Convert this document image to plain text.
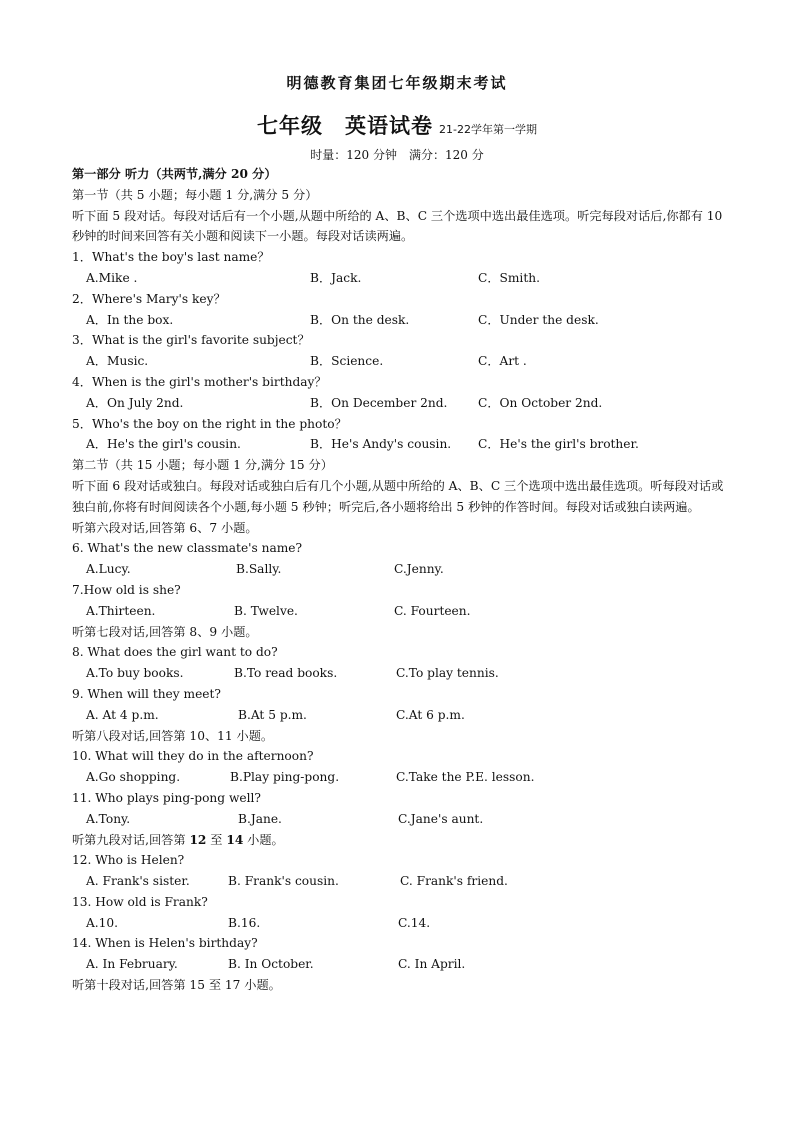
明德教育集团七年级期末考试
七年级 英语试卷 21-22学年第一学期
时量：120 分钟 满分：120 分
第一部分 听力（共两节,满分 20 分）
第一节（共 5 小题；每小题 1 分,满分 5 分）
听下面 5 段对话。每段对话后有一个小题,从题中所给的 A、B、C 三个选项中选出最佳选项。听完每段对话后,你都有 10 秒钟的时间来回答有关小题和阅读下一小题。每段对话读两遍。
1．What's the boy's last name？
A.Mike .	B．Jack.	C．Smith.
2．Where's Mary's key？
A．In the box.	B．On the desk.	C．Under the desk.
3．What is the girl's favorite subject？
A．Music.	B．Science.	C．Art .
4．When is the girl's mother's birthday？
A．On July 2nd.	B．On December 2nd.	C．On October 2nd.
5．Who's the boy on the right in the photo？
A．He's the girl's cousin.	B．He's Andy's cousin. C．He's the girl's brother.
第二节（共 15 小题；每小题 1 分,满分 15 分）
听下面 6 段对话或独白。每段对话或独白后有几个小题,从题中所给的 A、B、C 三个选项中选出最佳选项。听每段对话或独白前,你将有时间阅读各个小题,每小题 5 秒钟；听完后,各小题将给出 5 秒钟的作答时间。每段对话或独白读两遍。
听第六段对话,回答第 6、7 小题。
6. What's the new classmate's name?
A.Lucy.	B.Sally.	C.Jenny.
7.How old is she?
A.Thirteen.	B. Twelve.	C. Fourteen.
听第七段对话,回答第 8、9 小题。
8. What does the girl want to do?
A.To buy books.	B.To read books.	C.To play tennis.
9. When will they meet?
A. At 4 p.m.	B.At 5 p.m.	C.At 6 p.m.
听第八段对话,回答第 10、11 小题。
10. What will they do in the afternoon?
A.Go shopping.	B.Play ping-pong.	C.Take the P.E. lesson.
11. Who plays ping-pong well?
A.Tony.	B.Jane.	C.Jane's aunt.
听第九段对话,回答第 12 至 14 小题。
12. Who is Helen?
A. Frank's sister.	B. Frank's cousin.	C. Frank's friend.
13. How old is Frank?
A.10.	B.16.	C.14.
14. When is Helen's birthday?
A. In February.	B. In October.	C. In April.
听第十段对话,回答第 15 至 17 小题。
